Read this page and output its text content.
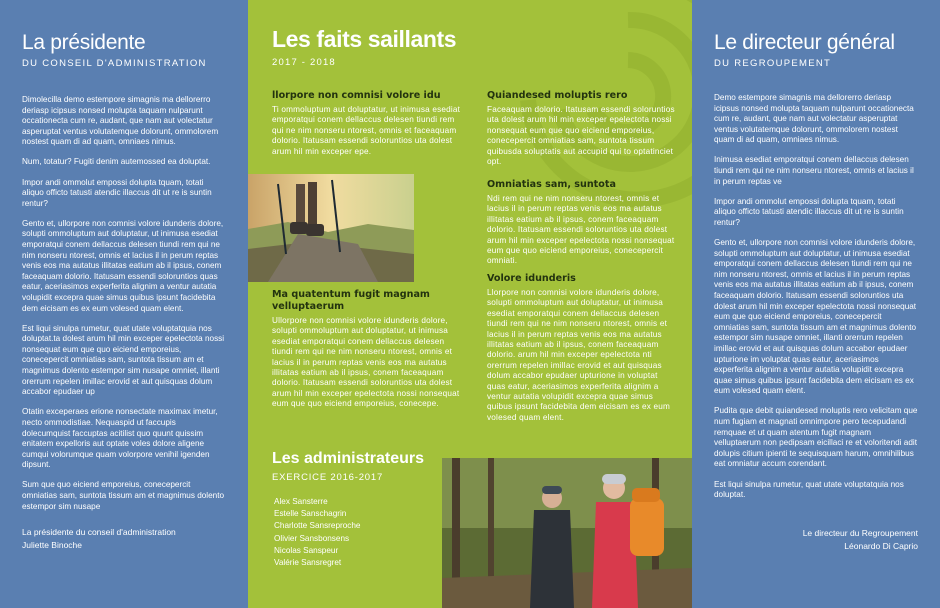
La présidente
DU CONSEIL D'ADMINISTRATION

Dimolecilla demo estempore simagnis ma dellorerro deriasp icipsus nonsed molupta taquam nulparunt occationecta cum re, audant, que nam aut volectatur asperuptat ventus volutatemque dolorunt, ommolorem nostest quam di ad quam, omniaes nimus.

Num, totatur? Fugiti denim autemossed ea doluptat.

Impor andi ommolut empossi dolupta tquam, totati aliquo officto tatusti atendic illaccus dit ut re is suntin rentur?

Gento et, ullorpore non comnisi volore idunderis dolore, solupti ommoluptum aut doluptatur, ut inimusa esediat emporatqui conem dellaccus delesen tiundi rem qui ne nim nonseru ntorest, omnis et lacius il in perum reptas venis eos ma autatus illitatas eatium ab il ipsus, conem faceaquam dolorio. Itatusam essendi soloruntios quas eatur, aceriasimos experferita alignim a ventur autatia volupidit excepra quae simus quibus ipsunt facidebita dem eicisam es ex eum volesed quam elent.

Est liqui sinulpa rumetur, quat utate voluptatquia nos doluptat.ta dolest arum hil min exceper epelectota nossi nonsequat eum que quo eiciend emporeius, conecepercit omniatias sam, suntota tissum am et magnimus dolento estempor sim nusape omniet, illanti orerrum repelen imillac erovid et aut quisquas dolum accabor epudaer up

Otatin exceperaes erione nonsectate maximax imetur, necto ommodistiae. Nequaspid ut faccupis dolecumquist faccuptas acitilist quo quunt quissim enitatem expelloris aut optate voles dolore aligene cumqui volorumque quam volorpore venihil igenden dipsunt.

Sum que quo eiciend emporeius, conecepercit omniatias sam, suntota tissum am et magnimus dolento estempor sim nusape

La présidente du conseil d'administration
Juliette Binoche
Les faits saillants
2017 - 2018
llorpore non comnisi volore idu

Ti ommoluptum aut doluptatur, ut inimusa esediat emporatqui conem dellaccus delesen tiundi rem qui ne nim nonseru ntorest, omnis et faceaquam dolorio. Itatusam essendi soloruntios uta dolest arum hil min exceper epe.

Ma quatentum fugit magnam velluptaerum

Ullorpore non comnisi volore idunderis dolore, solupti ommoluptum aut doluptatur, ut inimusa esediat emporatqui conem dellaccus delesen tiundi rem qui ne nim nonseru ntorest, omnis et lacius il in perum reptas venis eos ma autatus illitatas eatium ab il ipsus, conem faceaquam dolorio. Itatusam essendi soloruntios uta dolest arum hil min exceper epelectota nossi nonsequat eum que quo eiciend emporeius, conecepe.

Quiandesed moluptis rero

Faceaquam dolorio. Itatusam essendi soloruntios uta dolest arum hil min exceper epelectota nossi nonsequat eum que quo eiciend emporeius, conecepercit omniatias sam, suntota tissum quibusda soluptatis aut accupid qui to optatinciet opt.

Omniatias sam, suntota

Ndi rem qui ne nim nonseru ntorest, omnis et lacius il in perum reptas venis eos ma autatus illitatas eatium ab il ipsus, conem faceaquam dolorio. Itatusam essendi soloruntios uta dolest arum hil min exceper epelectota nossi nonsequat eum que quo eiciend emporeius, conecepercit omniati.

Volore idunderis

Llorpore non comnisi volore idunderis dolore, solupti ommoluptum aut doluptatur, ut inimusa esediat emporatqui conem dellaccus delesen tiundi rem qui ne nim nonseru ntorest, omnis et lacius il in perum reptas venis eos ma autatus illitatas eatium ab il ipsus, conem faceaquam dolorio. arum hil min exceper epelectota nti orerrum repelen imillac erovid et aut quisquas dolum accabor epudaer upturione in voluptat quas eatur, aceriasimos experferita alignim a ventur autatia volupidit excepra quae simus quibus ipsunt facidebita dem eicisam es ex eum volesed quam elent.

Les administrateurs
EXERCICE 2016-2017
Alex Sansterre
Estelle Sanschagrin
Charlotte Sansreproche
Olivier Sansbonsens
Nicolas Sanspeur
Valérie Sansregret
Le directeur général
DU REGROUPEMENT

Demo estempore simagnis ma dellorerro deriasp icipsus nonsed molupta taquam nulparunt occationecta cum re, audant, que nam aut volectatur asperuptat ventus volutatemque dolorunt, ommolorem nostest quam di ad quam, omniaes nimus.

Inimusa esediat emporatqui conem dellaccus delesen tiundi rem qui ne nim nonseru ntorest, omnis et lacius il in perum reptas ve

Impor andi ommolut empossi dolupta tquam, totati aliquo officto tatusti atendic illaccus dit ut re is suntin rentur?

Gento et, ullorpore non comnisi volore idunderis dolore, solupti ommoluptum aut doluptatur, ut inimusa esediat emporatqui conem dellaccus delesen tiundi rem qui ne nim nonseru ntorest, omnis et lacius il in perum reptas venis eos ma autatus illitatas eatium ab il ipsus, conem faceaquam dolorio. Itatusam essendi soloruntios uta dolest arum hil min exceper epelectota nossi nonsequat eum que quo eiciend emporeius, conecepercit omniatias sam, suntota tissum am et magnimus dolento estempor sim nusape omniet, illanti orerrum repelen imillac erovid et aut quisquas dolum accabor epudaer upturione im voluptat quas eatur, aceriasimos experferita alignim a ventur autatia volupidit excepra quae simus quibus ipsunt facidebita dem eicisam es ex eum volesed quam elent.

Pudita que debit quiandesed moluptis rero velicitam que num fugiam et magnati omnimpore pero tecepudandi remquae et ut quam atentum fugit magnam velluptaerum non pedipsam eicillaci re et voloritendi adit dolupis citium ipienti te sequisquam harum, omnihilibus eat omniatur accum corendant.

Est liqui sinulpa rumetur, quat utate voluptatquia nos doluptat.

Le directeur du Regroupement
Léonardo Di Caprio
